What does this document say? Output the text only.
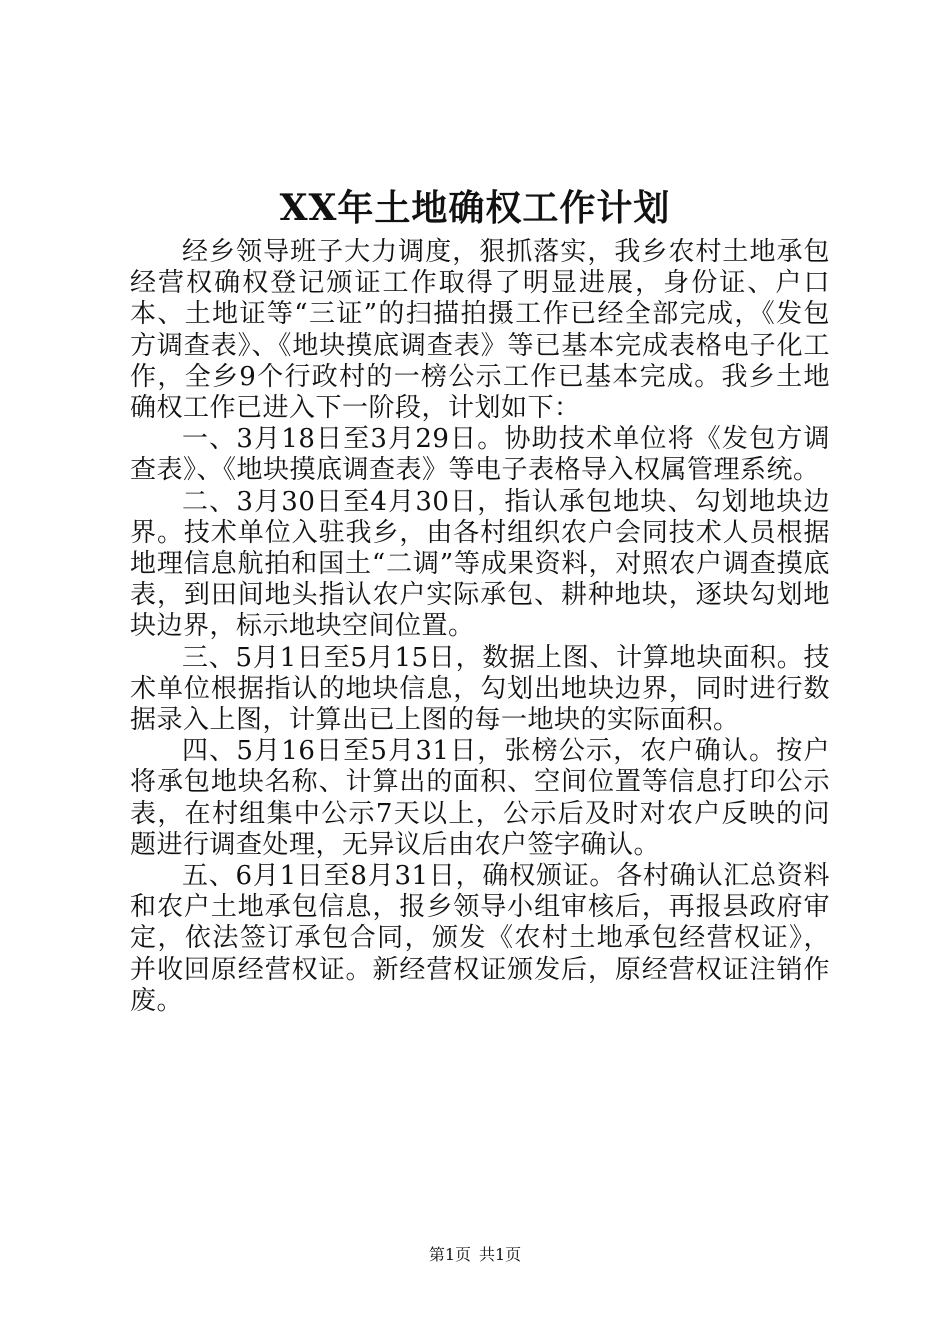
XX年土地确权工作计划

经乡领导班子大力调度，狠抓落实，我乡农村土地承包经营权确权登记颁证工作取得了明显进展，身份证、户口本、土地证等“三证”的扫描拍摄工作已经全部完成，《发包方调查表》、《地块摸底调查表》等已基本完成表格电子化工作，全乡9个行政村的一榜公示工作已基本完成。我乡土地确权工作已进入下一阶段，计划如下：

一、3月18日至3月29日。协助技术单位将《发包方调查表》、《地块摸底调查表》等电子表格导入权属管理系统。

二、3月30日至4月30日，指认承包地块、勾划地块边界。技术单位入驻我乡，由各村组织农户会同技术人员根据地理信息航拍和国土“二调”等成果资料，对照农户调查摸底表，到田间地头指认农户实际承包、耕种地块，逐块勾划地块边界，标示地块空间位置。

三、5月1日至5月15日，数据上图、计算地块面积。技术单位根据指认的地块信息，勾划出地块边界，同时进行数据录入上图，计算出已上图的每一地块的实际面积。

四、5月16日至5月31日，张榜公示，农户确认。按户将承包地块名称、计算出的面积、空间位置等信息打印公示表，在村组集中公示7天以上，公示后及时对农户反映的问题进行调查处理，无异议后由农户签字确认。

五、6月1日至8月31日，确权颁证。各村确认汇总资料和农户土地承包信息，报乡领导小组审核后，再报县政府审定，依法签订承包合同，颁发《农村土地承包经营权证》，并收回原经营权证。新经营权证颁发后，原经营权证注销作废。

第1页 共1页
